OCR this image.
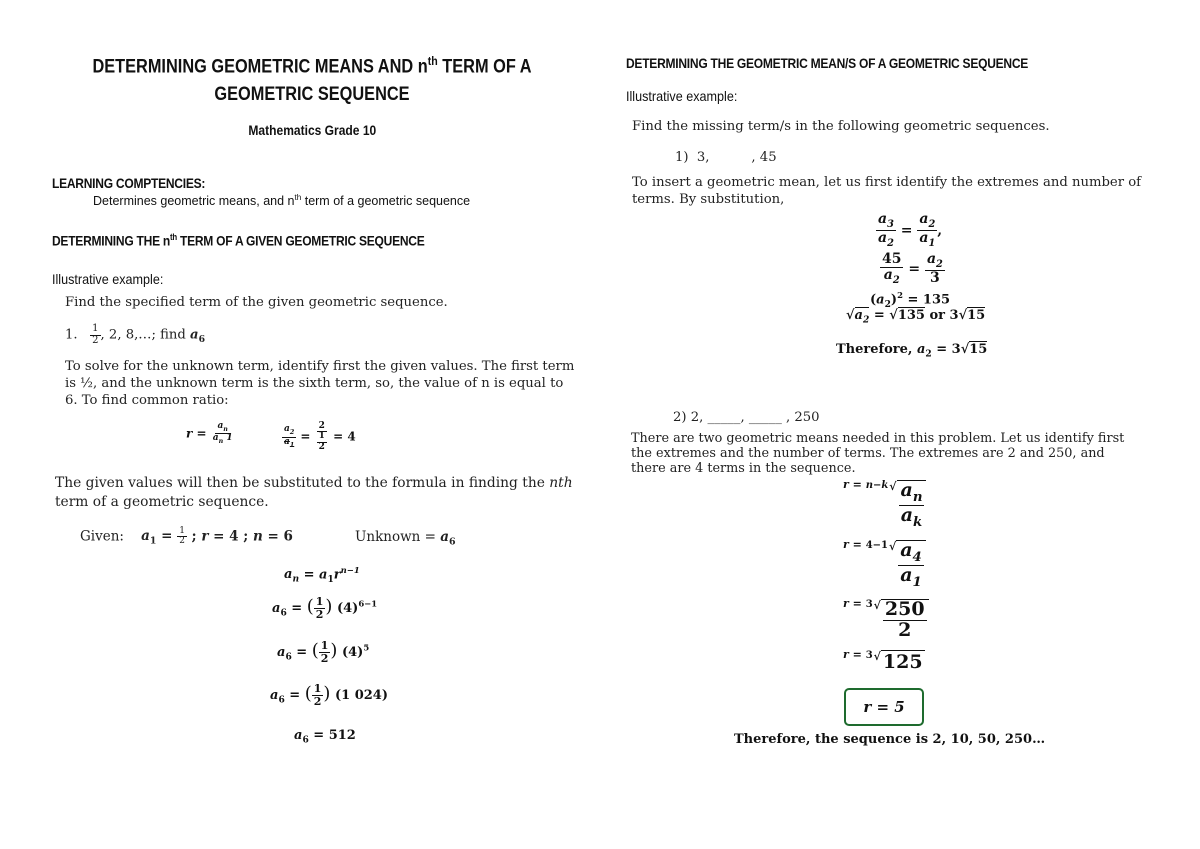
DETERMINING GEOMETRIC MEANS AND $n^{th}$ TERM OF A
GEOMETRIC SEQUENCE
Mathematics Grade 10
LEARNING COMPTENCIES:
Determines geometric means, and $n^{th}$ term of a geometric sequence
DETERMINING THE $n^{th}$ TERM OF A GIVEN GEOMETRIC SEQUENCE
Illustrative example:
Find the specified term of the given geometric sequence.
1. $\frac{1}{2}$ , 2, 8,…; find $a_6$
To solve for the unknown term, identify first the given values. The first term
is ½, and the unknown term is the sixth term, so, the value of n is equal to
6. To find common ratio:
$r = \frac{a_n}{a_n 1}$	$\frac{a_2}{a_1} = \frac{2}{\frac{1}{2}} = 4$
The given values will then be substituted to the formula in finding the nth
term of a geometric sequence.
Given: $a_1 = \frac{1}{2}$ ; r = 4 ; n = 6	Unknown = $a_6$
$a_n = a_1r^{n-1}$
$a_6$ = ( $\frac{1}{2}$ ) $(4)^{6-1}$
$a_6$ = ( $\frac{1}{2}$ ) $(4)^5$
$a_6$ = ( $\frac{1}{2}$ ) (1 024)
$a_6 = 512$
DETERMINING THE GEOMETRIC MEAN/S OF A GEOMETRIC SEQUENCE
Illustrative example:
Find the missing term/s in the following geometric sequences.
1)  3,          , 45
To insert a geometric mean, let us first identify the extremes and number of
terms. By substitution,
$\frac{a_3}{a_2} = \frac{a_2}{a_1}$ ,
$\frac{45}{a_2} = \frac{a_2}{3}$
$(a_2)^2 = 135$
$√a_2 = √135$ or 3√15
Therefore, $a_2 = 3√15$
2) 2, _____, _____ , 250
There are two geometric means needed in this problem. Let us identify first
the extremes and the number of terms. The extremes are 2 and 250, and
there are 4 terms in the sequence.
r = n−k √ $\frac{a_n}{a_k}$
r = 4−1 √ $\frac{a_4}{a_1}$
r = 3 √ $\frac{250}{2}$
r = 3 √ 125
r = 5
Therefore, the sequence is 2, 10, 50, 250…
